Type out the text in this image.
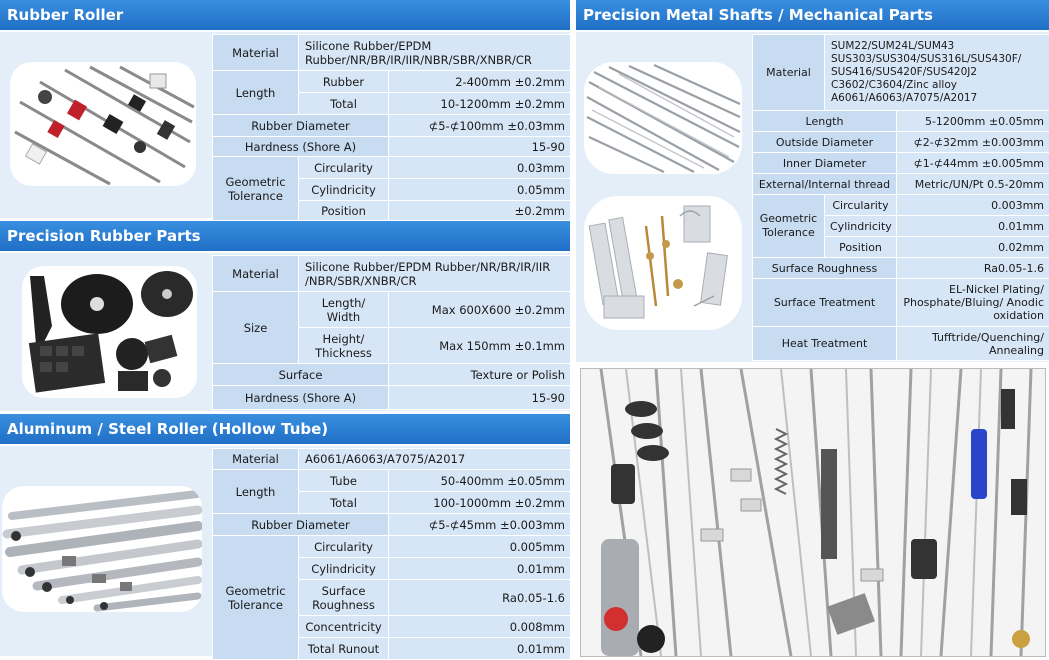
Rubber Roller
Material	Silicone Rubber/EPDM Rubber/NR/BR/IR/IIR/NBR/SBR/XNBR/CR	
Length	Rubber	2-400mm ±0.2mm
	Total	10-1200mm ±0.2mm
Rubber Diameter		⊄5-⊄100mm ±0.03mm
Hardness (Shore A)		15-90
Geometric Tolerance	Circularity	0.03mm
	Cylindricity	0.05mm
	Position	±0.2mm
Precision Rubber Parts
Material	Silicone Rubber/EPDM Rubber/NR/BR/IR/IIR /NBR/SBR/XNBR/CR	
Size	Length/ Width	Max 600X600 ±0.2mm
	Height/ Thickness	Max 150mm ±0.1mm
Surface		Texture or Polish
Hardness (Shore A)		15-90
Aluminum / Steel Roller (Hollow Tube)
Material	A6061/A6063/A7075/A2017	
Length	Tube	50-400mm ±0.05mm
	Total	100-1000mm ±0.2mm
Rubber Diameter		⊄5-⊄45mm ±0.003mm
Geometric Tolerance	Circularity	0.005mm
	Cylindricity	0.01mm
	Surface Roughness	Ra0.05-1.6
	Concentricity	0.008mm
	Total Runout	0.01mm
Precision Metal Shafts / Mechanical Parts
Material	SUM22/SUM24L/SUM43 SUS303/SUS304/SUS316L/SUS430F/ SUS416/SUS420F/SUS420J2 C3602/C3604/Zinc alloy A6061/A6063/A7075/A2017	
Length		5-1200mm ±0.05mm
Outside Diameter		⊄2-⊄32mm ±0.003mm
Inner Diameter		⊄1-⊄44mm ±0.005mm
External/Internal thread		Metric/UN/Pt 0.5-20mm
Geometric Tolerance	Circularity	0.003mm
	Cylindricity	0.01mm
	Position	0.02mm
Surface Roughness		Ra0.05-1.6
Surface Treatment		EL-Nickel Plating/ Phosphate/Bluing/ Anodic oxidation
Heat Treatment		Tufftride/Quenching/ Annealing
